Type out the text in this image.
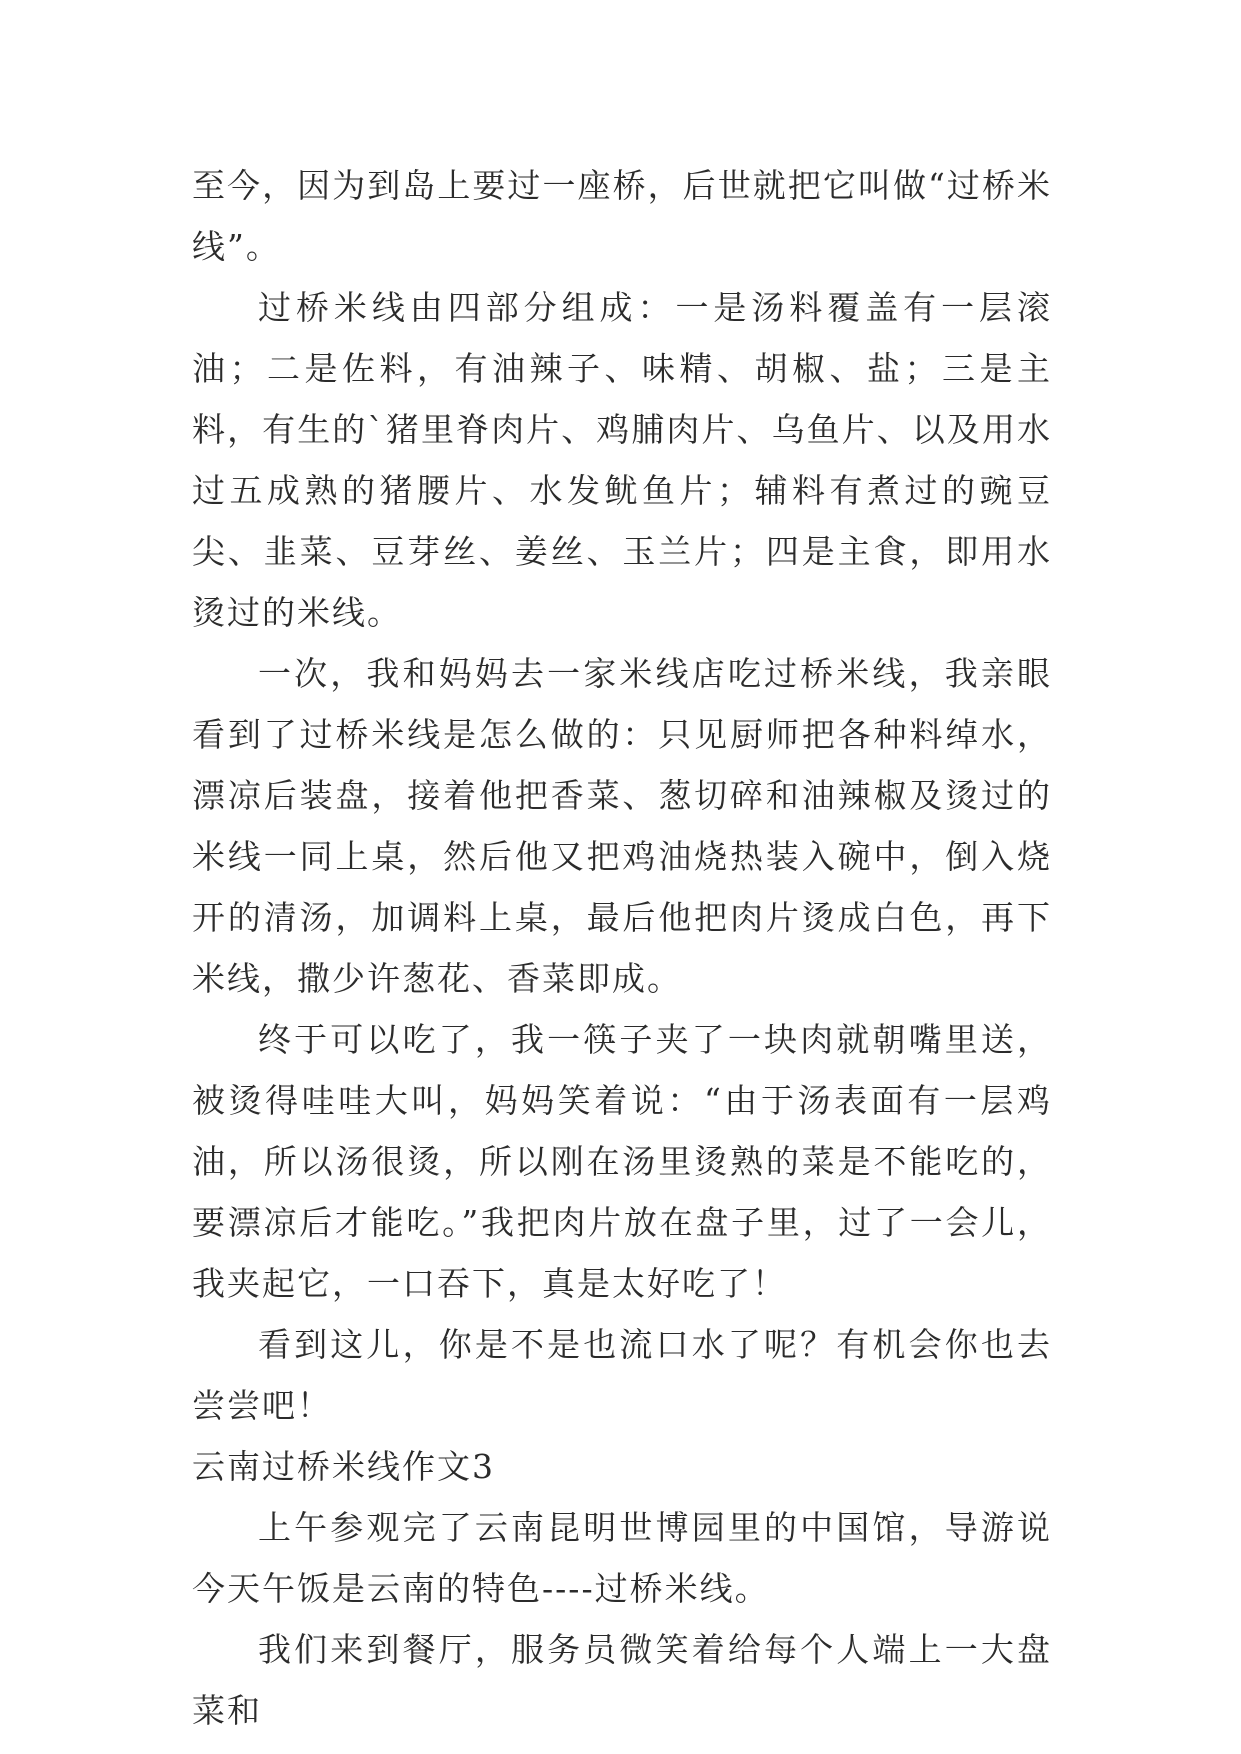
至今，因为到岛上要过一座桥，后世就把它叫做“过桥米线”。

过桥米线由四部分组成：一是汤料覆盖有一层滚油；二是佐料，有油辣子、味精、胡椒、盐；三是主料，有生的`猪里脊肉片、鸡脯肉片、乌鱼片、以及用水过五成熟的猪腰片、水发鱿鱼片；辅料有煮过的豌豆尖、韭菜、豆芽丝、姜丝、玉兰片；四是主食，即用水烫过的米线。

一次，我和妈妈去一家米线店吃过桥米线，我亲眼看到了过桥米线是怎么做的：只见厨师把各种料绰水，漂凉后装盘，接着他把香菜、葱切碎和油辣椒及烫过的米线一同上桌，然后他又把鸡油烧热装入碗中，倒入烧开的清汤，加调料上桌，最后他把肉片烫成白色，再下米线，撒少许葱花、香菜即成。

终于可以吃了，我一筷子夹了一块肉就朝嘴里送，被烫得哇哇大叫，妈妈笑着说：“由于汤表面有一层鸡油，所以汤很烫，所以刚在汤里烫熟的菜是不能吃的，要漂凉后才能吃。”我把肉片放在盘子里，过了一会儿，我夹起它，一口吞下，真是太好吃了！

看到这儿，你是不是也流口水了呢？有机会你也去尝尝吧！

云南过桥米线作文3

上午参观完了云南昆明世博园里的中国馆，导游说今天午饭是云南的特色----过桥米线。

我们来到餐厅，服务员微笑着给每个人端上一大盘菜和
